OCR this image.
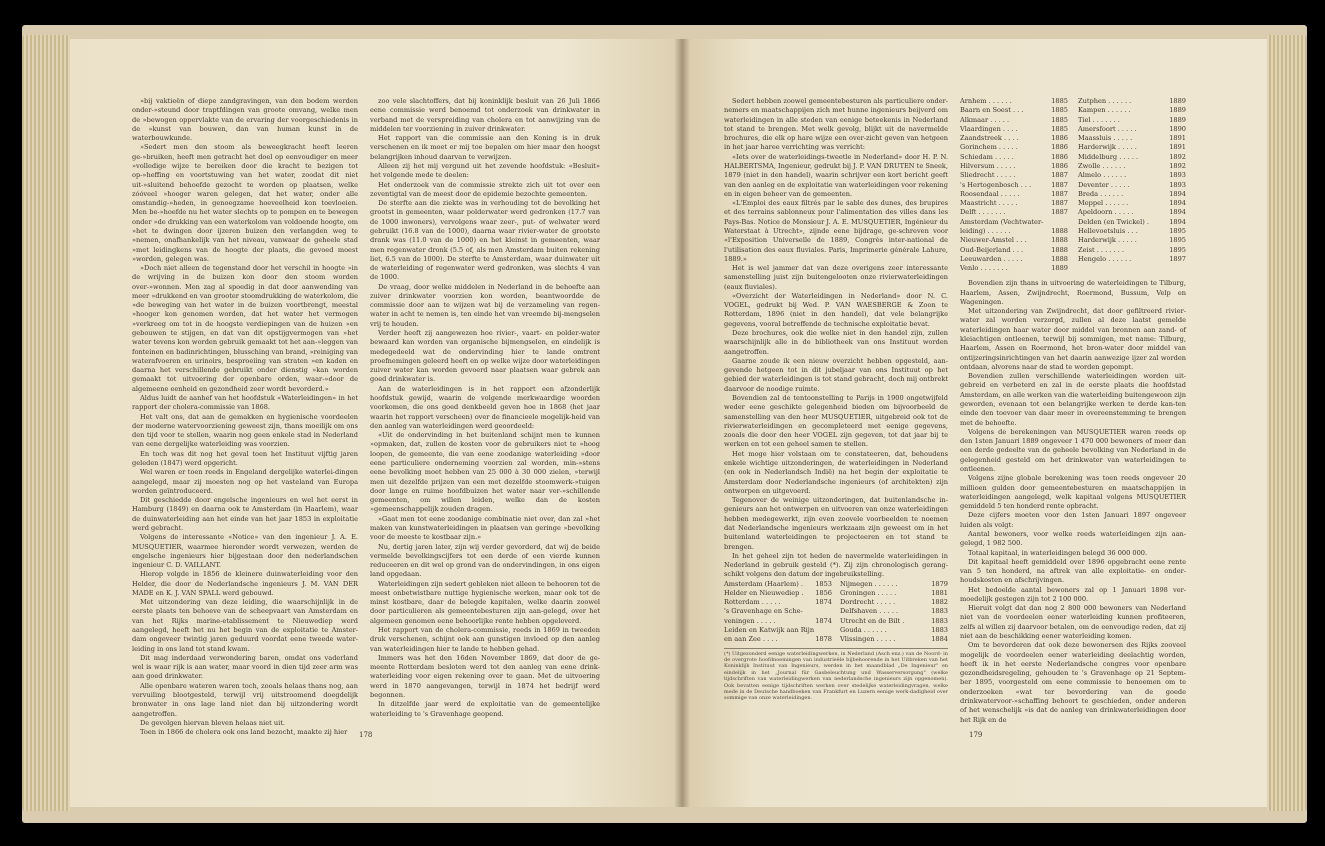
»bij vaktieën of diepe zandgravingen, van den bodem werden onder-»steund door traptfdingen van groote omvang, welke men de »bewogen oppervlakte van de ervaring der voorgeschiedenis in de »kunst van bouwen, dan van human kunst in de waterbouwkunde.

»Sedert men den stoom als beweegkracht heeft leeren ge-»bruiken, heeft men getracht het doel op eenvoudiger en meer »volledige wijze te bereiken door die kracht te bezigen tot op-»heffing en voortstuwing van het water, zoodat dit niet uit-»sluitend behoefde gezocht te worden op plaatsen, welke zóóveel »hooger waren gelegen, dat het water, onder alle omstandig-»heden, in genoegzame hoeveelheid kon toevloeien. Men be-»hoefde nu het water slechts op te pompen en te bewegen onder »de drukking van een waterkolom van voldoende hoogte, om »het te dwingen door ijzeren buizen den verlangden weg te »nemen, onafhankelijk van het niveau, vanwaar de geheele stad »met leidingkens van de hoogte der plaats, die gevoed moest »worden, gelegen was.

»Doch niet alleen de tegenstand door het verschil in hoogte »in de wrijving in de buizen kon door den stoom worden over-»wonnen. Men zag al spoedig in dat door aanwending van meer »drukkend en van grooter stoomdrukking de waterkolom, die »de beweging van het water in de buizen voortbrengt, meestal »hooger kon genomen worden, dat het water het vermogen »verkreeg om tot in de hoogste verdiepingen van de huizen »en gebouwen te stijgen, en dat van dit opstijgvermogen van »het water tevens kon worden gebruik gemaakt tot het aan-»leggen van fonteinen en badinrichtingen, blussching van brand, »reiniging van waterafvoeren en urinoirs, besproeiing van straten »en kaden en daarna het verschillende gebruikt onder dienstig »kan worden gemaakt tot uitvoering der openbare orden, waar-»door de algemeene eenheid en gezondheid zeer wordt bevorderd.»

Aldus luidt de aanhef van het hoofdstuk «Waterleidingen» in het rapport der cholera-commissie van 1868.

Het valt ons, dat aan de gemakken en hygienische voordeelen der moderne watervoorziening geweest zijn, thans moeilijk om ons den tijd voor te stellen, waarin nog geen enkele stad in Nederland van eene dergelijke waterleiding was voorzien.

En toch was dit nog het geval toen het Instituut vijftig jaren geleden (1847) werd opgericht.

Wel waren er toen reeds in Engeland dergelijke waterlei-dingen aangelegd, maar zij moesten nog op het vasteland van Europa worden geïntroduceerd.

Dit geschiedde door engelsche ingenieurs en wel het eerst in Hamburg (1849) en daarna ook te Amsterdam (in Haarlem), waar de duinwaterleiding aan het einde van het jaar 1853 in exploitatie werd gebracht.

Volgens de interessante «Notice» van den ingenieur J. A. E. MUSQUETIER, waarmee hieronder wordt verwezen, werden de engelsche ingenieurs hier bijgestaan door den nederlandschen ingenieur C. D. VAILLANT.

Hierop volgde in 1856 de kleinere duinwaterleiding voor den Helder, die door de Nederlandsche ingenieurs J. M. VAN DER MADE en K. J. VAN SPALL werd gebouwd.

Met uitzondering van deze leiding, die waarschijnlijk in de eerste plaats ten behoeve van de scheepvaart van Amsterdam en van het Rijks marine-etablissement te Nieuwediep werd aangelegd, heeft het nu het begin van de exploitatie te Amster-dam ongeveer twintig jaren geduurd voordat eene tweede water-leiding in ons land tot stand kwam.

Dit mag inderdaad verwondering baren, omdat ons vaderland wel is waar rijk is aan water, maar voord in dien tijd zeer arm was aan goed drinkwater.

Alle openbare wateren waren toch, zooals helaas thans nog, aan vervuiling blootgesteld, terwijl vrij uitstroomend doegdelijk bronwater in ons lage land niet dan bij uitzondering wordt aangetroffen.

De gevolgen hiervan bleven helaas niet uit.

Toen in 1866 de cholera ook ons land bezocht, maakte zij hier

zoo vele slachtoffers, dat bij koninklijk besluit van 26 Juli 1866 eene commissie werd benoemd tot onderzoek van drinkwater in verband met de verspreiding van cholera en tot aanwijzing van de middelen ter voorziening in zuiver drinkwater.

Het rapport van die commissie aan den Koning is in druk verschenen en ik moet er mij toe bepalen om hier maar den hoogst belangrijken inhoud daarvan te verwijzen.

Alleen zij het mij vergund uit het zevende hoofdstuk: «Besluit» het volgende mede te deelen:

Het onderzoek van de commissie strekte zich uit tot over een zeventigtal van de meest door de epidemie bezochte gemeenten.

De sterfte aan die ziekte was in verhouding tot de bevolking het grootst in gemeenten, waar polderwater werd gedronken (17.7 van de 1000 inwoners), vervolgens waar zeer-, put- of welwater werd gebruikt (16.8 van de 1000), daarna waar rivier-water de grootste drank was (11.0 van de 1000) en het kleinst in gemeenten, waar men regenwater dronk (5.5 of, als men Amsterdam buiten rekening liet, 6.5 van de 1000). De sterfte te Amsterdam, waar duinwater uit de waterleiding of regenwater werd gedronken, was slechts 4 van de 1000.

De vraag, door welke middelen in Nederland in de behoefte aan zuiver drinkwater voorzien kon worden, beantwoordde de commissie door aan te wijzen wat bij de verzameling van regen-water in acht te nemen is, ten einde het van vreemde bij-mengselen vrij te houden.

Verder heeft zij aangewezen hoe rivier-, vaart- en polder-water bewaard kan worden van organische bijmengselen, en eindelijk is medegedeeld wat de ondervinding hier te lande omtrent proefnemingen geleerd heeft en op welke wijze door waterleidingen zuiver water kan worden gevoerd naar plaatsen waar gebrek aan goed drinkwater is.

Aan de waterleidingen is in het rapport een afzonderlijk hoofdstuk gewijd, waarin de volgende merkwaardige woorden voorkomen, die ons goed denkbeeld geven hoe in 1868 (het jaar waarin het rapport verscheen) over de financieele mogelijk-heid van den aanleg van waterleidingen werd geoordeeld:

«Uit de ondervinding in het buitenland schijnt men te kunnen »opmaken, dat, zullen de kosten voor de gebruikers niet te »hoog loopen, de gemeente, die van eene zoodanige waterleiding »door eene particuliere onderneming voorzien zal worden, min-»stens eene bevolking moet hebben van 25 000 à 30 000 zielen, »terwijl men uit dezelfde prijzen van een met dezelfde stoomwerk-»tuigen door lange en ruime hoofdbuizen het water naar ver-»schillende gemeenten, om willen leiden, welke dan de kosten »gemeenschappelijk zouden dragen.

»Gaat men tot eene zoodanige combinatie niet over, dan zal »het maken van kunstwaterleidingen in plaatsen van geringe »bevolking voor de meeste te kostbaar zijn.»

Nu, dertig jaren later, zijn wij verder gevorderd, dat wij de beide vermelde bevolkingscijfers tot een derde of een vierde kunnen reduceeren en dit wel op grond van de ondervindingen, in ons eigen land opgedaan.

Waterleidingen zijn sedert gebleken niet alleen te behooren tot de meest onbetwistbare nuttige hygienische werken, maar ook tot de minst kostbare, daar de belegde kapitalen, welke daarin zoowel door particulieren als gemeentebesturen zijn aan-gelegd, over het algemeen genomen eene behoorlijke rente hebben opgeleverd.

Het rapport van de cholera-commissie, reeds in 1869 in tweeden druk verschenen, schijnt ook aan gunstigen invloed op den aanleg van waterleidingen hier te lande te hebben gehad.

Immers was het den 16den November 1869, dat door de ge-meente Rotterdam besloten werd tot den aanleg van eene drink-waterleiding voor eigen rekening over te gaan. Met de uitvoering werd in 1870 aangevangen, terwijl in 1874 het bedrijf werd begonnen.

In ditzelfde jaar werd de exploitatie van de gemeentelijke waterleiding te 's Gravenhage geopend.

178

Sedert hebben zoowel gemeentebesturen als particuliere onder-nemers en maatschappijen zich met hunne ingenieurs beijverd om waterleidingen in alle steden van eenige beteekenis in Nederland tot stand te brengen. Met welk gevolg, blijkt uit de navermelde brochures, die elk op hare wijze een over-zicht geven van hetgeen in het jaar haree verrichting was verricht:

«Iets over de waterleidings-tweetle in Nederland» door H. P. N. HALBERTSMA, Ingenieur, gedrukt bij J. P. VAN DRUTEN te Sneek, 1879 (niet in den handel), waarin schrijver een kort bericht geeft van den aanleg en de exploitatie van waterleidingen voor rekening en in eigen beheer van de gemeenten.

«L'Emploi des eaux filtrés par le sable des dunes, des brupires et des terrains sablonneux pour l'alimentation des villes dans les Pays-Bas. Notice de Monsieur J. A. E. MUSQUETIER, Ingénieur du Waterstaat à Utrecht», zijnde eene bijdrage, ge-schreven voor «l'Exposition Universelle de 1889, Congrès inter-national de l'utilisation des eaux fluviales. Paris, Imprimerie générale Lahure, 1889.»

Het is wel jammer dat van deze overigens zeer interessante samenstelling juist zijn buitengelooten onze rivierwaterleidingen (eaux fluviales).

«Overzicht der Waterleidingen in Nederland» door N. C. VOGEL, gedrukt bij Wed. P. VAN WAESBERGE & Zoon te Rotterdam, 1896 (niet in den handel), dat vele belangrijke gegevens, vooral betreffende de technische exploitatie bevat.

Deze brochures, ook die welke niet in den handel zijn, zullen waarschijnlijk alle in de bibliotheek van ons Instituut worden aangetroffen.

Gaarne zoude ik een nieuw overzicht hebben opgesteld, aan-gevende hetgeen tot in dit jubeljaar van ons Instituut op het gebied der waterleidingen is tot stand gebracht, doch mij ontbrekt daarvoor de noodige ruimte.

Bovendien zal de tentoonstelling te Parijs in 1900 ongetwijfeld weder eene geschikte gelegenheid bieden om bijvoorbeeld de samenstelling van den heer MUSQUETIER, uitgebreid ook tot de rivierwaterleidingen en gecompleteerd met eenige gegevens, zooals die door den heer VOGEL zijn gegeven, tot dat jaar bij te werken en tot een geheel samen te stellen.

Het moge hier volstaan om te constateeren, dat, behoudens enkele wichtige uitzonderingen, de waterleidingen in Nederland (en ook in Nederlandsch Indië) na het begin der exploitatie te Amsterdam door Nederlandsche ingenieurs (of architekten) zijn ontworpen en uitgevoerd.

Tegenover de weinige uitzonderingen, dat buitenlandsche in-genieurs aan het ontwerpen en uitvoeren van onze waterleidingen hebben medegewerkt, zijn even zoovele voorbeelden te noemen dat Nederlandsche ingenieurs werkzaam zijn geweest om in het buitenland waterleidingen te projecteeren en tot stand te brengen.

In het geheel zijn tot heden de navermelde waterleidingen in Nederland in gebruik gesteld (*). Zij zijn chronologisch gerang-schikt volgens den datum der ingebruikstelling.

Amsterdam (Haarlem) .	1853
Helder en Nieuwediep .	1856
Rotterdam . . . . .	1874
's Gravenhage en Sche-	
veningen . . . . .	1874
Leiden en Katwijk aan Rijn	
en aan Zee . . . .	1878
Nijmegen . . . . . .	1879
Groningen . . . . .	1881
Dordrecht . . . . .	1882
Delfshaven . . . . .	1883
Utrecht en de Bilt .	1883
Gouda . . . . . .	1883
Vlissingen . . . . .	1884
(*) Uitgezonderd eenige waterleidingwerken, in Nederland (Asch enz.) van de Noord- in de overgrote hoofdnoemingen van industrieële bijbehoorende in het Uitbreken van het Koninklijk Instituut van Ingenieurs, werden in het maandblad „De Ingenieur" en eindelijk in het „Journal für Gasbeleuchtung und Wasserversorgung" (welke tijdschriften van waterleidingwerken van nederlandsche ingenieurs zijn opgenomen). Ook bevatten eenige tijdschriften werken over stedelijke waterleidingvragen, welke mede in de Deutsche handboeken van Frankfurt en Luzern eenige werk-dadigheid over sommige van onze waterleidingen.
Arnhem . . . . . .	1885
Baarn en Soest . . .	1885
Alkmaar . . . . .	1885
Vlaardingen . . . .	1885
Zaandstreek . . . .	1886
Gorinchem . . . . .	1886
Schiedam . . . . .	1886
Hilversum . . . . .	1886
Sliedrecht . . . . .	1887
's Hertogenbosch . . .	1887
Roosendaal . . . . .	1887
Maastricht . . . . .	1887
Delft . . . . . . .	1887
Amsterdam (Vechtwater-	
leiding) . . . . . .	1888
Nieuwer-Amstel . . .	1888
Oud-Beijerland . . .	1888
Leeuwarden . . . . .	1888
Venlo . . . . . . .	1889
Zutphen . . . . . .	1889
Kampen . . . . . .	1889
Tiel . . . . . . .	1889
Amersfoort . . . . .	1890
Maassluis . . . . .	1891
Harderwijk . . . . .	1891
Middelburg . . . . .	1892
Zwolle . . . . . .	1892
Almelo . . . . . .	1893
Deventer . . . . .	1893
Breda . . . . . .	1894
Meppel . . . . . .	1894
Apeldoorn . . . . .	1894
Delden (en Twickel) .	1894
Hellevoetsluis . . .	1895
Harderwijk . . . . .	1895
Zeist . . . . . . .	1895
Hengelo . . . . . .	1897

Bovendien zijn thans in uitvoering de waterleidingen te Tilburg, Haarlem, Assen, Zwijndrecht, Roermond, Bussum, Velp en Wageningen.

Met uitzondering van Zwijndrecht, dat door gefiltreerd rivier-water zal worden verzorgd, zullen al deze laatst gemelde waterleidingen haar water door middel van bronnen aan zand- of kleiachtigen ontleenen, terwijl bij sommigen, met name: Tilburg, Haarlem, Assen en Roermond, het bron-water door middel van ontijzeringsinrichtingen van het daarin aanwezige ijzer zal worden ontdaan, alvorens naar de stad te worden gepompt.

Bovendien zullen verschillende waterleidingen worden uit-gebreid en verbeterd en zal in de eerste plaats die hoofdstad Amsterdam, en alle werken van die waterleiding buitengewoon zijn geworden, evenaan tot een belangrijke werken te derde kan-ten einde den toevoer van daar meer in overeenstemming te brengen met de behoefte.

Volgens de berekeningen van MUSQUETIER waren reeds op den 1sten Januari 1889 ongeveer 1 470 000 bewoners of meer dan een derde gedeelte van de geheele bevolking van Nederland in de gelegenheid gesteld om het drinkwater van waterleidingen te ontleenen.

Volgens zijne globale berekening was toen reeds ongeveer 20 millioen gulden door gemeentebesturen en maatschappijen in waterleidingen aangelegd, welk kapitaal volgens MUSQUETIER gemiddeld 5 ten honderd rente opbracht.

Deze cijfers moeten voor den 1sten Januari 1897 ongeveer luiden als volgt:

Aantal bewoners, voor welke reeds waterleidingen zijn aan-gelegd, 1 982 500.

Totaal kapitaal, in waterleidingen belegd 36 000 000.

Dit kapitaal heeft gemiddeld over 1896 opgebracht eene rente van 5 ten honderd, na aftrek van alle exploitatie- en onder-houdskosten en afschrijvingen.

Het bedoelde aantal bewoners zal op 1 Januari 1898 ver-moedelijk gestegen zijn tot 2 100 000.

Hieruit volgt dat dan nog 2 800 000 bewoners van Nederland niet van de voordeelen eener waterleiding kunnen profiteeren, zelfs al willen zij daarvoor betalen, om de eenvoudige reden, dat zij niet aan de beschikking eener waterleiding komen.

Om te bevorderen dat ook deze bewonersen des Rijks zooveel mogelijk de voordeelen eener waterleiding deelachtig worden, heeft ik in het eerste Nederlandsche congres voor openbare gezondheidsregeling, gehouden te 's Gravenhage op 21 Septem-ber 1895, voorgesteld om eene commissie te benoemen om te onderzoeken «wat ter bevordering van de goede drinkwatervoor-»schaffing behoort te geschieden, onder anderen of het wenschelijk »is dat de aanleg van drinkwaterleidingen door het Rijk en de

179
